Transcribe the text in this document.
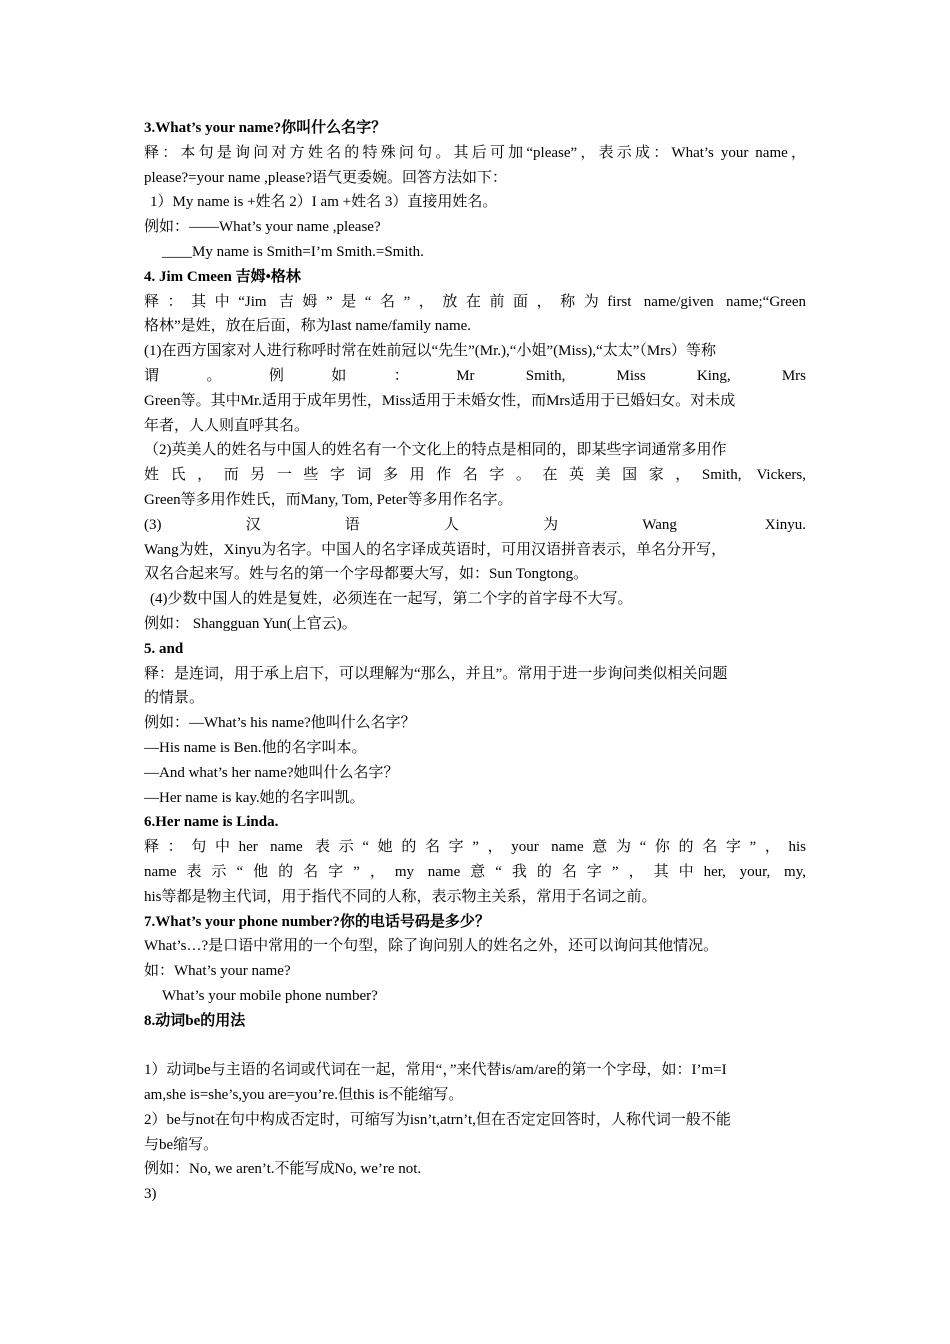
3.What’s your name?你叫什么名字？

释：本句是询问对方姓名的特殊问句。其后可加“please”，表示成：What’s your name，

please?=your name ,please?语气更委婉。回答方法如下：

1）My name is +姓名 2）I am +姓名 3）直接用姓名。

例如：——What’s your name ,please?

____My name is Smith=I’m Smith.=Smith.

4. Jim Cmeen 吉姆•格林

释：其中“Jim 吉姆”是“名”，放在前面，称为first name/given name;“Green

格林”是姓，放在后面，称为last name/family name.

(1)在西方国家对人进行称呼时常在姓前冠以“先生”(Mr.),“小姐”(Miss),“太太”（Mrs）等称

谓。例如：Mr Smith, Miss King, Mrs

Green等。其中Mr.适用于成年男性，Miss适用于未婚女性，而Mrs适用于已婚妇女。对未成

年者，人人则直呼其名。

（2)英美人的姓名与中国人的姓名有一个文化上的特点是相同的，即某些字词通常多用作

姓氏，而另一些字词多用作名字。在英美国家，Smith, Vickers,

Green等多用作姓氏，而Many, Tom, Peter等多用作名字。

(3)汉语人为Wang Xinyu.

Wang为姓，Xinyu为名字。中国人的名字译成英语时，可用汉语拼音表示，单名分开写，

双名合起来写。姓与名的第一个字母都要大写，如：Sun Tongtong。

(4)少数中国人的姓是复姓，必须连在一起写，第二个字的首字母不大写。

例如： Shangguan Yun(上官云)。

5. and

释：是连词，用于承上启下，可以理解为“那么，并且”。常用于进一步询问类似相关问题

的情景。

例如：—What’s his name?他叫什么名字？

—His name is Ben.他的名字叫本。

—And what’s her name?她叫什么名字？

—Her name is kay.她的名字叫凯。

6.Her name is Linda.

释：句中her name 表示“她的名字”，your name意为“你的名字”，his

name表示“他的名字”，my name意“我的名字”，其中her, your, my,

his等都是物主代词，用于指代不同的人称，表示物主关系，常用于名词之前。

7.What’s your phone number?你的电话号码是多少？

What’s…?是口语中常用的一个句型，除了询问别人的姓名之外，还可以询问其他情况。

如：What’s your name?

What’s your mobile phone number?

8.动词be的用法

1）动词be与主语的名词或代词在一起，常用“，”来代替is/am/are的第一个字母，如：I’m=I

am,she is=she’s,you are=you’re.但this is不能缩写。

2）be与not在句中构成否定时，可缩写为isn’t,atrn’t,但在否定定回答时，人称代词一般不能

与be缩写。

例如：No, we aren’t.不能写成No, we’re not.

3)
